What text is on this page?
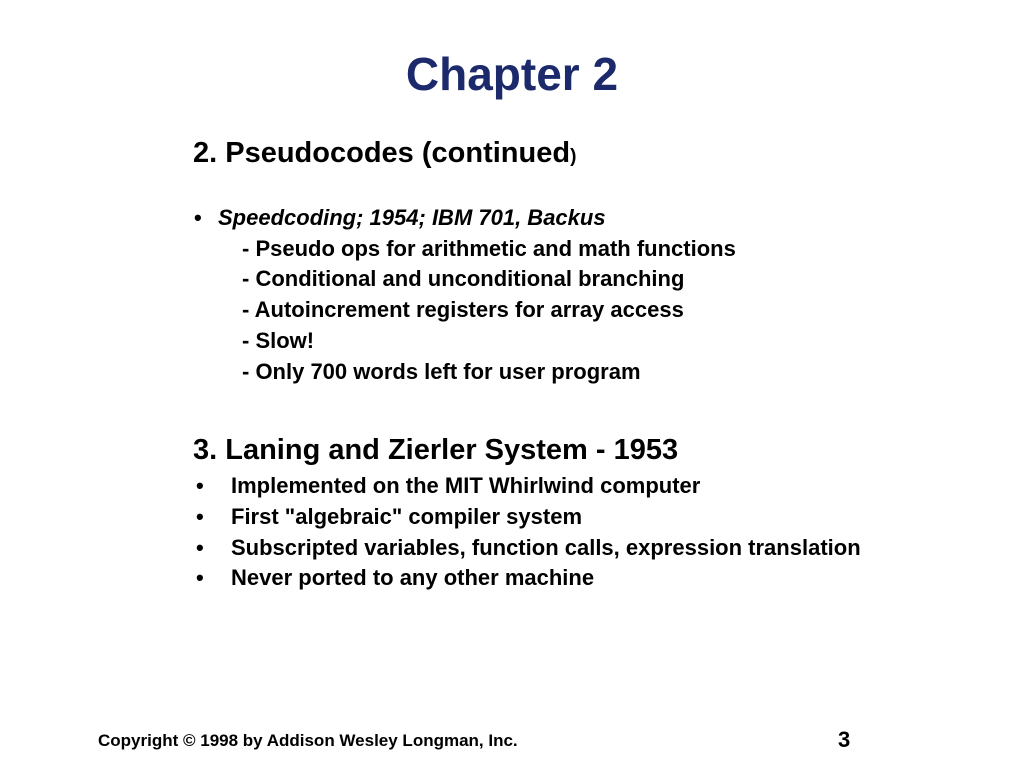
Chapter 2
2. Pseudocodes (continued)
• Speedcoding; 1954; IBM 701, Backus
- Pseudo ops for arithmetic and math functions
- Conditional and unconditional branching
- Autoincrement registers for array access
- Slow!
- Only 700 words left for user program
3. Laning and Zierler System - 1953
• Implemented on the MIT Whirlwind computer
• First "algebraic" compiler system
• Subscripted variables, function calls, expression translation
• Never ported to any other machine
Copyright © 1998 by Addison Wesley Longman, Inc.	3
